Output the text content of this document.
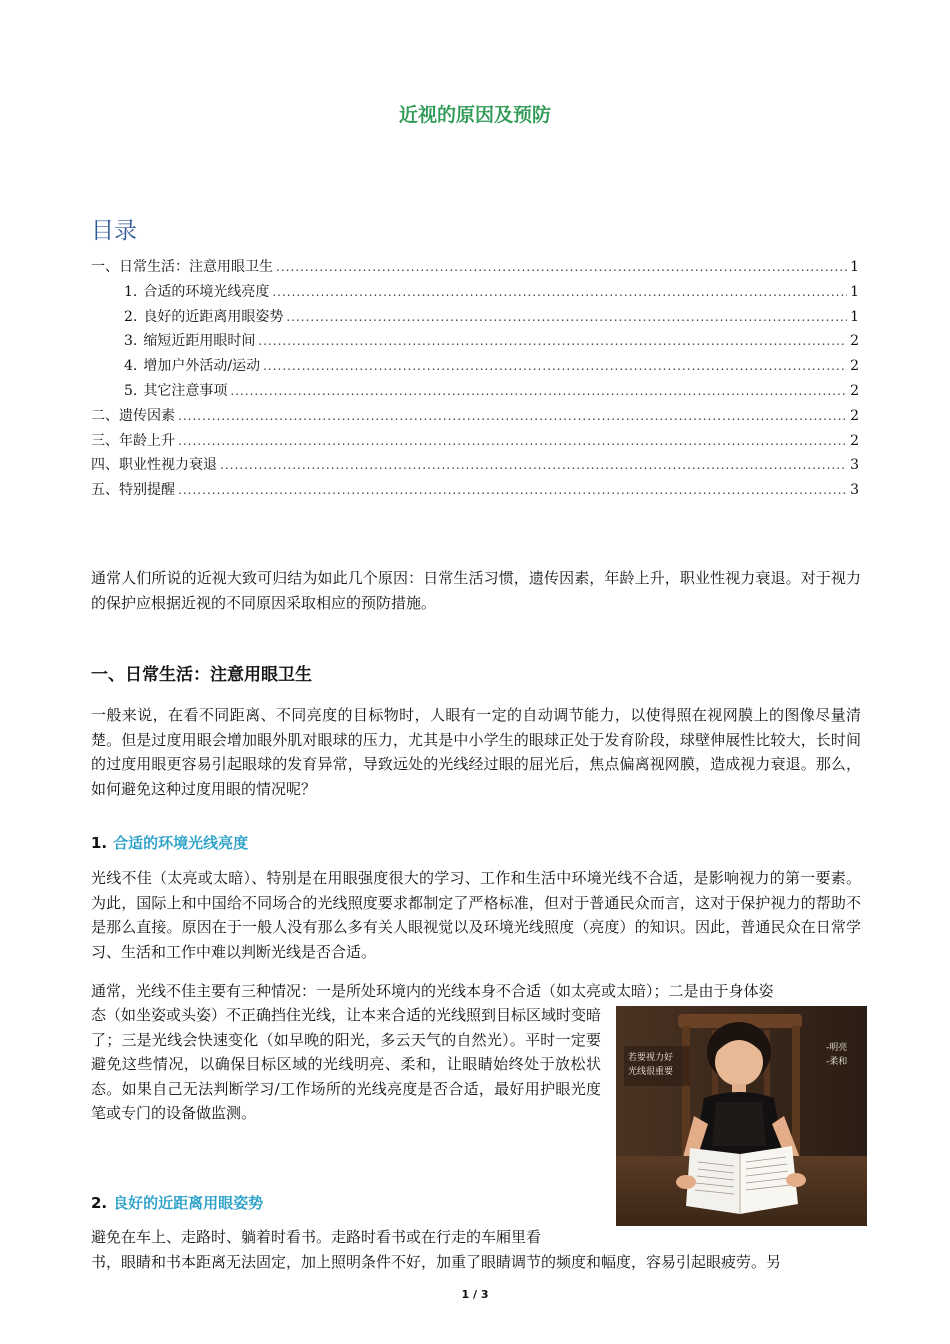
近视的原因及预防
目录
一、日常生活：注意用眼卫生 .....	1
1. 合适的环境光线亮度 .....	1
2. 良好的近距离用眼姿势 .....	1
3. 缩短近距用眼时间 .....	2
4. 增加户外活动/运动 .....	2
5. 其它注意事项 .....	2
二、遗传因素 .....	2
三、年龄上升 .....	2
四、职业性视力衰退 .....	3
五、特别提醒 .....	3

通常人们所说的近视大致可归结为如此几个原因：日常生活习惯，遗传因素，年龄上升，职业性视力衰退。对于视力的保护应根据近视的不同原因采取相应的预防措施。

一、日常生活：注意用眼卫生

一般来说，在看不同距离、不同亮度的目标物时，人眼有一定的自动调节能力，以使得照在视网膜上的图像尽量清楚。但是过度用眼会增加眼外肌对眼球的压力，尤其是中小学生的眼球正处于发育阶段，球壁伸展性比较大，长时间的过度用眼更容易引起眼球的发育异常，导致远处的光线经过眼的屈光后，焦点偏离视网膜，造成视力衰退。那么，如何避免这种过度用眼的情况呢？

1. 合适的环境光线亮度

光线不佳（太亮或太暗）、特别是在用眼强度很大的学习、工作和生活中环境光线不合适，是影响视力的第一要素。为此，国际上和中国给不同场合的光线照度要求都制定了严格标准，但对于普通民众而言，这对于保护视力的帮助不是那么直接。原因在于一般人没有那么多有关人眼视觉以及环境光线照度（亮度）的知识。因此，普通民众在日常学习、生活和工作中难以判断光线是否合适。

通常，光线不佳主要有三种情况：一是所处环境内的光线本身不合适（如太亮或太暗）；二是由于身体姿

态（如坐姿或头姿）不正确挡住光线，让本来合适的光线照到目标区域时变暗了；三是光线会快速变化（如早晚的阳光，多云天气的自然光）。平时一定要避免这些情况，以确保目标区域的光线明亮、柔和，让眼睛始终处于放松状态。如果自己无法判断学习/工作场所的光线亮度是否合适，最好用护眼光度笔或专门的设备做监测。

若要视力好
光线很重要
-明亮
-柔和
2. 良好的近距离用眼姿势

避免在车上、走路时、躺着时看书。走路时看书或在行走的车厢里看

书，眼睛和书本距离无法固定，加上照明条件不好，加重了眼睛调节的频度和幅度，容易引起眼疲劳。另

1 / 3
